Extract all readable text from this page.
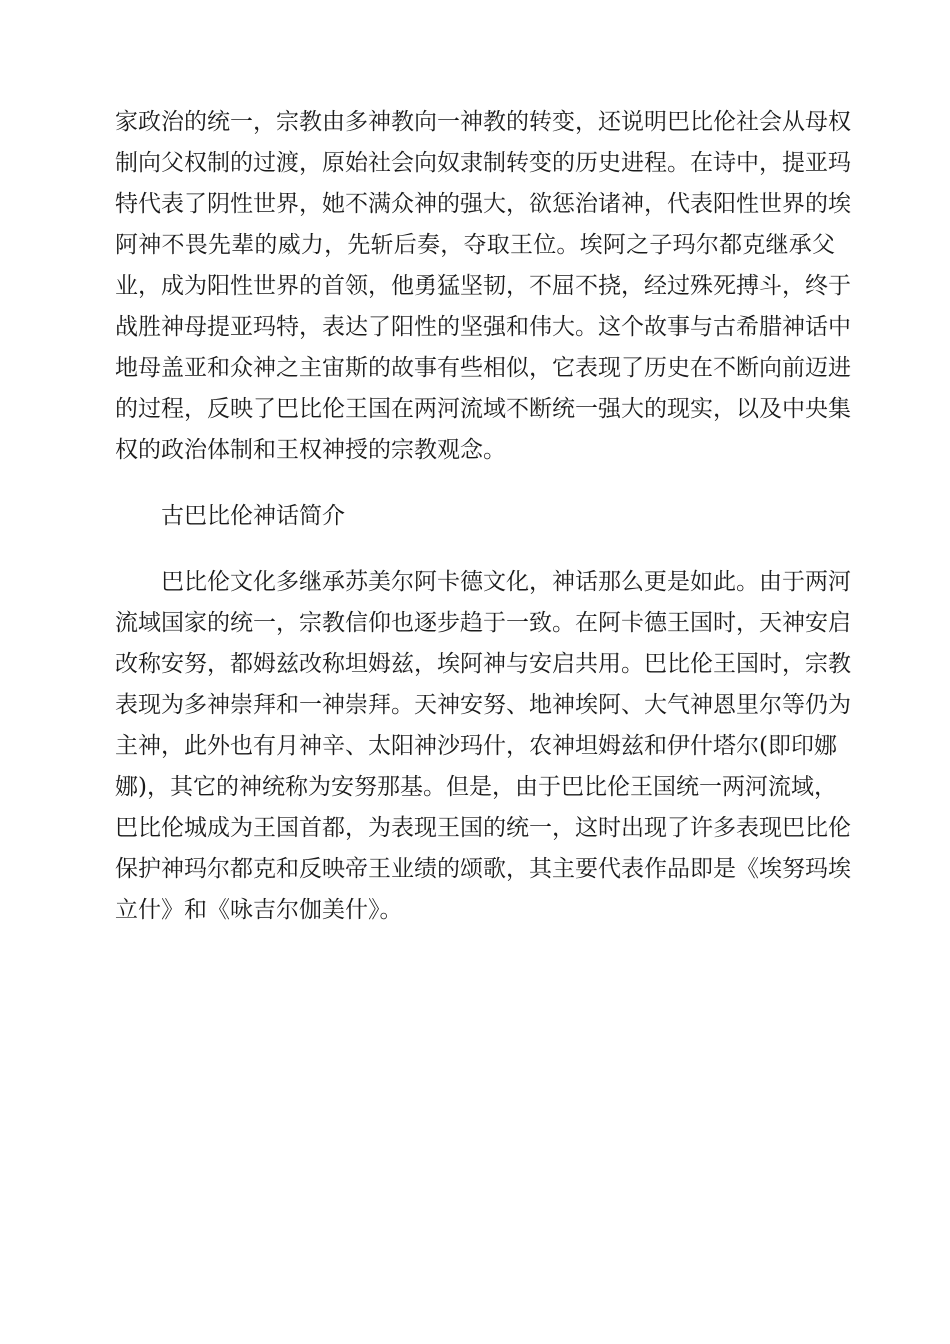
家政治的统一，宗教由多神教向一神教的转变，还说明巴比伦社会从母权
制向父权制的过渡，原始社会向奴隶制转变的历史进程。在诗中，提亚玛
特代表了阴性世界，她不满众神的强大，欲惩治诸神，代表阳性世界的埃
阿神不畏先辈的威力，先斩后奏，夺取王位。埃阿之子玛尔都克继承父
业，成为阳性世界的首领，他勇猛坚韧，不屈不挠，经过殊死搏斗，终于
战胜神母提亚玛特，表达了阳性的坚强和伟大。这个故事与古希腊神话中
地母盖亚和众神之主宙斯的故事有些相似，它表现了历史在不断向前迈进
的过程，反映了巴比伦王国在两河流域不断统一强大的现实，以及中央集
权的政治体制和王权神授的宗教观念。
古巴比伦神话简介
巴比伦文化多继承苏美尔阿卡德文化，神话那么更是如此。由于两河
流域国家的统一，宗教信仰也逐步趋于一致。在阿卡德王国时，天神安启
改称安努，都姆兹改称坦姆兹，埃阿神与安启共用。巴比伦王国时，宗教
表现为多神崇拜和一神崇拜。天神安努、地神埃阿、大气神恩里尔等仍为
主神，此外也有月神辛、太阳神沙玛什，农神坦姆兹和伊什塔尔(即印娜
娜)，其它的神统称为安努那基。但是，由于巴比伦王国统一两河流域，
巴比伦城成为王国首都，为表现王国的统一，这时出现了许多表现巴比伦
保护神玛尔都克和反映帝王业绩的颂歌，其主要代表作品即是《埃努玛埃
立什》和《咏吉尔伽美什》。
